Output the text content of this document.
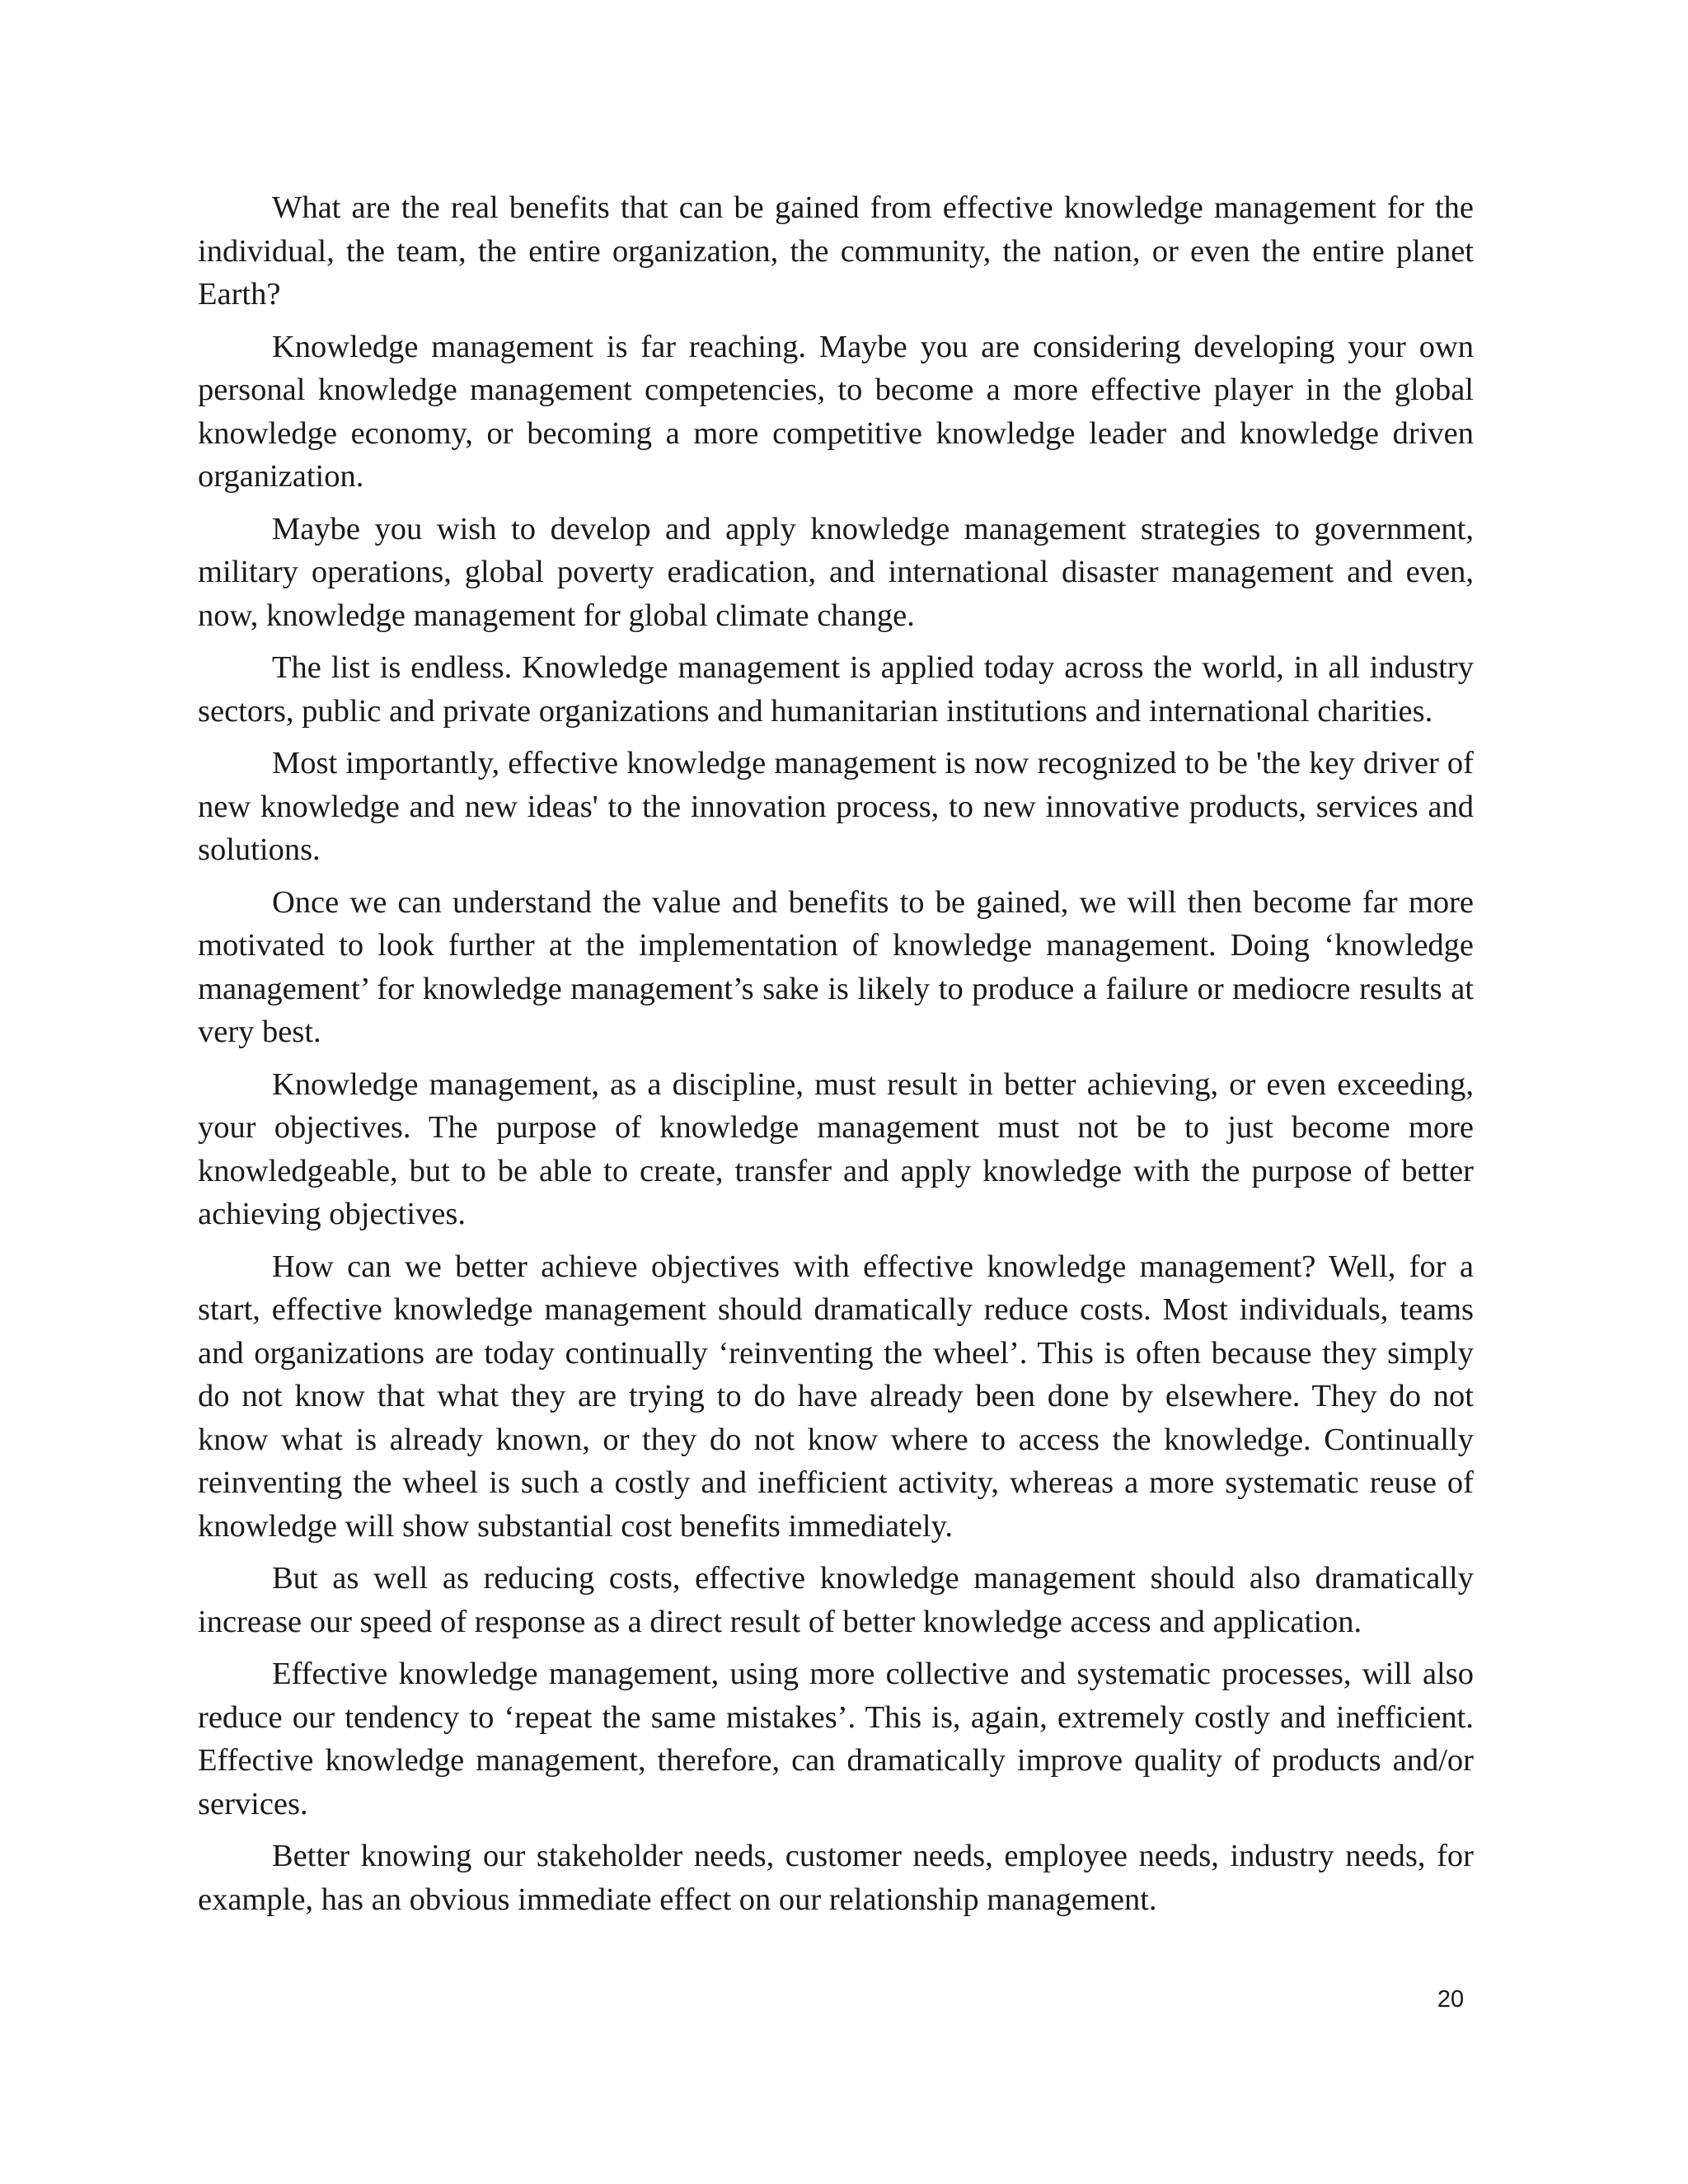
What are the real benefits that can be gained from effective knowledge management for the individual, the team, the entire organization, the community, the nation, or even the entire planet Earth?

Knowledge management is far reaching. Maybe you are considering developing your own personal knowledge management competencies, to become a more effective player in the global knowledge economy, or becoming a more competitive knowledge leader and knowledge driven organization.

Maybe you wish to develop and apply knowledge management strategies to government, military operations, global poverty eradication, and international disaster management and even, now, knowledge management for global climate change.

The list is endless. Knowledge management is applied today across the world, in all industry sectors, public and private organizations and humanitarian institutions and international charities.

Most importantly, effective knowledge management is now recognized to be 'the key driver of new knowledge and new ideas' to the innovation process, to new innovative products, services and solutions.

Once we can understand the value and benefits to be gained, we will then become far more motivated to look further at the implementation of knowledge management. Doing ‘knowledge management’ for knowledge management’s sake is likely to produce a failure or mediocre results at very best.

Knowledge management, as a discipline, must result in better achieving, or even exceeding, your objectives. The purpose of knowledge management must not be to just become more knowledgeable, but to be able to create, transfer and apply knowledge with the purpose of better achieving objectives.

How can we better achieve objectives with effective knowledge management? Well, for a start, effective knowledge management should dramatically reduce costs. Most individuals, teams and organizations are today continually ‘reinventing the wheel’. This is often because they simply do not know that what they are trying to do have already been done by elsewhere. They do not know what is already known, or they do not know where to access the knowledge. Continually reinventing the wheel is such a costly and inefficient activity, whereas a more systematic reuse of knowledge will show substantial cost benefits immediately.

But as well as reducing costs, effective knowledge management should also dramatically increase our speed of response as a direct result of better knowledge access and application.

Effective knowledge management, using more collective and systematic processes, will also reduce our tendency to ‘repeat the same mistakes’. This is, again, extremely costly and inefficient. Effective knowledge management, therefore, can dramatically improve quality of products and/or services.

Better knowing our stakeholder needs, customer needs, employee needs, industry needs, for example, has an obvious immediate effect on our relationship management.

20
